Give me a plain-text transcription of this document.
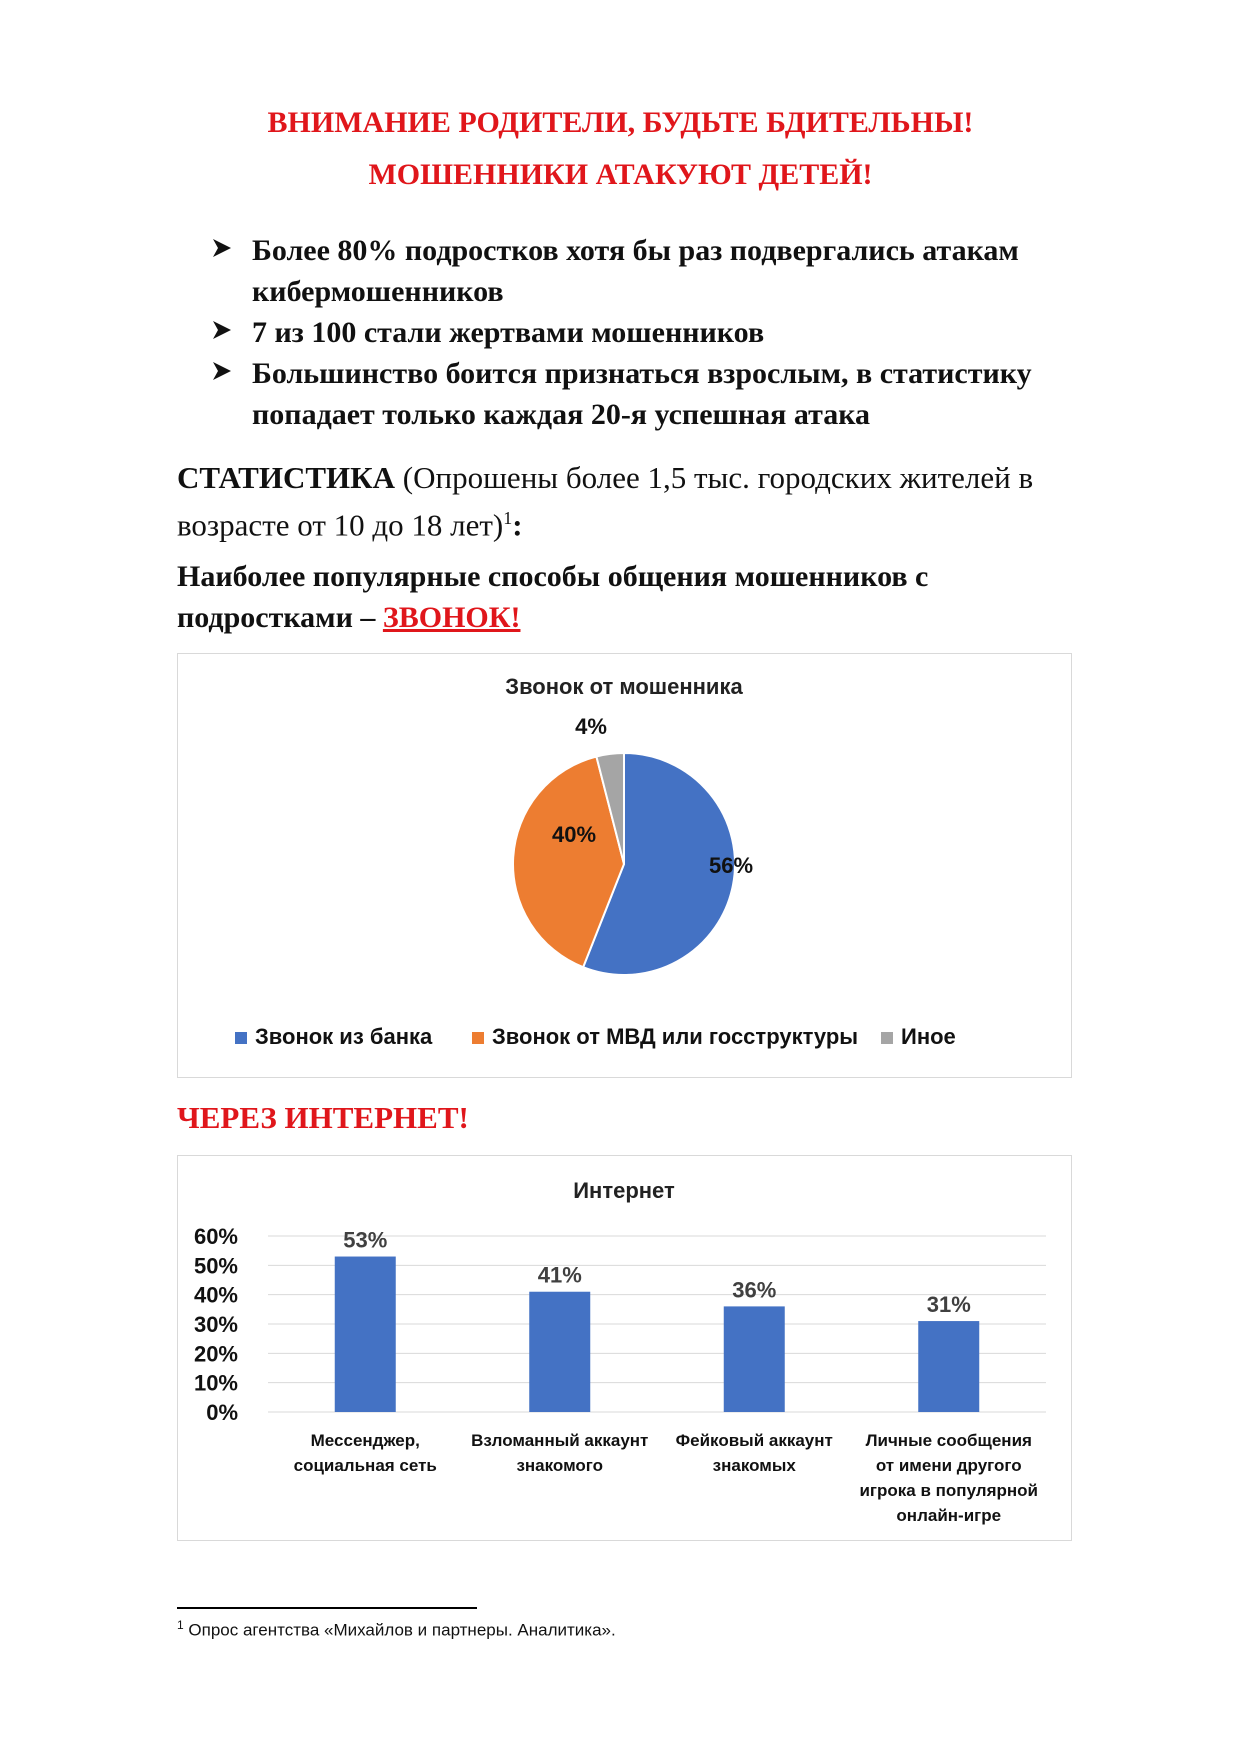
ВНИМАНИЕ РОДИТЕЛИ, БУДЬТЕ БДИТЕЛЬНЫ!
МОШЕННИКИ АТАКУЮТ ДЕТЕЙ!
Более 80% подростков хотя бы раз подвергались атакам
кибермошенников
7 из 100 стали жертвами мошенников
Большинство боится признаться взрослым, в статистику
попадает только каждая 20-я успешная атака
СТАТИСТИКА (Опрошены более 1,5 тыс. городских жителей в
возрасте от 10 до 18 лет)$^1$:
Наиболее популярные способы общения мошенников с
подростками – ЗВОНОК!
Звонок от мошенника
56%
40%
4%
Звонок из банка	Звонок от МВД или госструктуры Иное
ЧЕРЕЗ ИНТЕРНЕТ!
Интернет
0%
10%
20%
30%
40%
50%
60%	53%
Мессенджер,
социальная сеть
41%
Взломанный аккаунт
знакомого
36%
Фейковый аккаунт
знакомых
31%
Личные сообщения
от имени другого
игрока в популярной
онлайн-игре
$^1$ Опрос агентства «Михайлов и партнеры. Аналитика».
